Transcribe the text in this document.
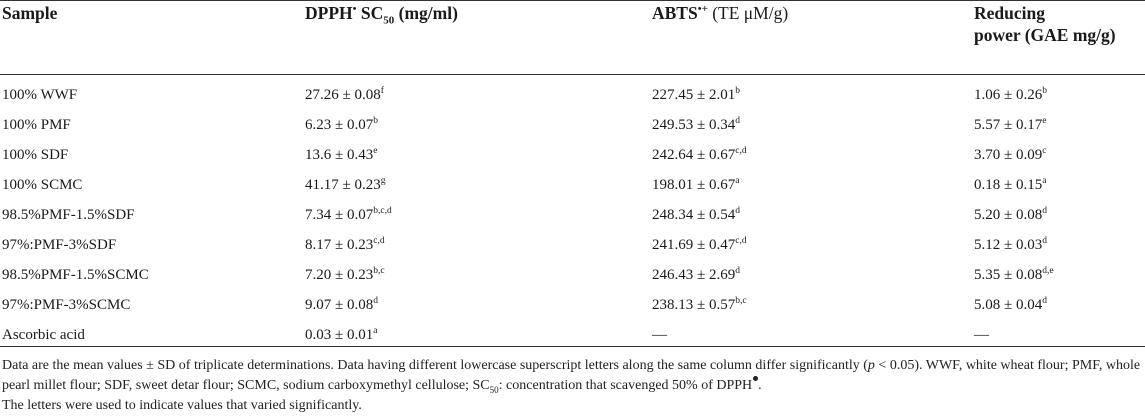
Sample	DPPH• $SC_{50}$ (mg/ml)	ABTS•+ (TE μM/g)	Reducing
power (GAE mg/g)
100% WWF	27.26 ± 0.08$^f$	227.45 ± 2.01$^b$	1.06 ± 0.26$^b$
100% PMF	6.23 ± 0.07$^b$	249.53 ± 0.34$^d$	5.57 ± 0.17$^e$
100% SDF	13.6 ± 0.43$^e$	$242.64 \pm 0.67^{c,d}$	3.70 ± 0.09$^c$
100% SCMC	41.17 ± 0.23$^g$	198.01 ± 0.67$^a$	0.18 ± 0.15$^a$
98.5%PMF-1.5%SDF	$7.34 \pm 0.07^{b,c,d}$	248.34 ± 0.54$^d$	5.20 ± 0.08$^d$
97%:PMF-3%SDF	$8.17 \pm 0.23^{c,d}$	$241.69 \pm 0.47^{c,d}$	5.12 ± 0.03$^d$
98.5%PMF-1.5%SCMC	$7.20 \pm 0.23^{b,c}$	246.43 ± 2.69$^d$	$5.35 \pm 0.08^{d,e}$
97%:PMF-3%SCMC	9.07 ± 0.08$^d$	$238.13 \pm 0.57^{b,c}$	5.08 ± 0.04$^d$
Ascorbic acid	0.03 ± 0.01$^a$	—	—
Data are the mean values ± SD of triplicate determinations. Data having different lowercase superscript letters along the same column differ significantly (p < 0.05). WWF, white wheat flour; PMF, whole pearl millet flour; SDF, sweet detar flour; SCMC, sodium carboxymethyl cellulose; $SC_{50}$: concentration that scavenged 50% of DPPH .
The letters were used to indicate values that varied significantly.
